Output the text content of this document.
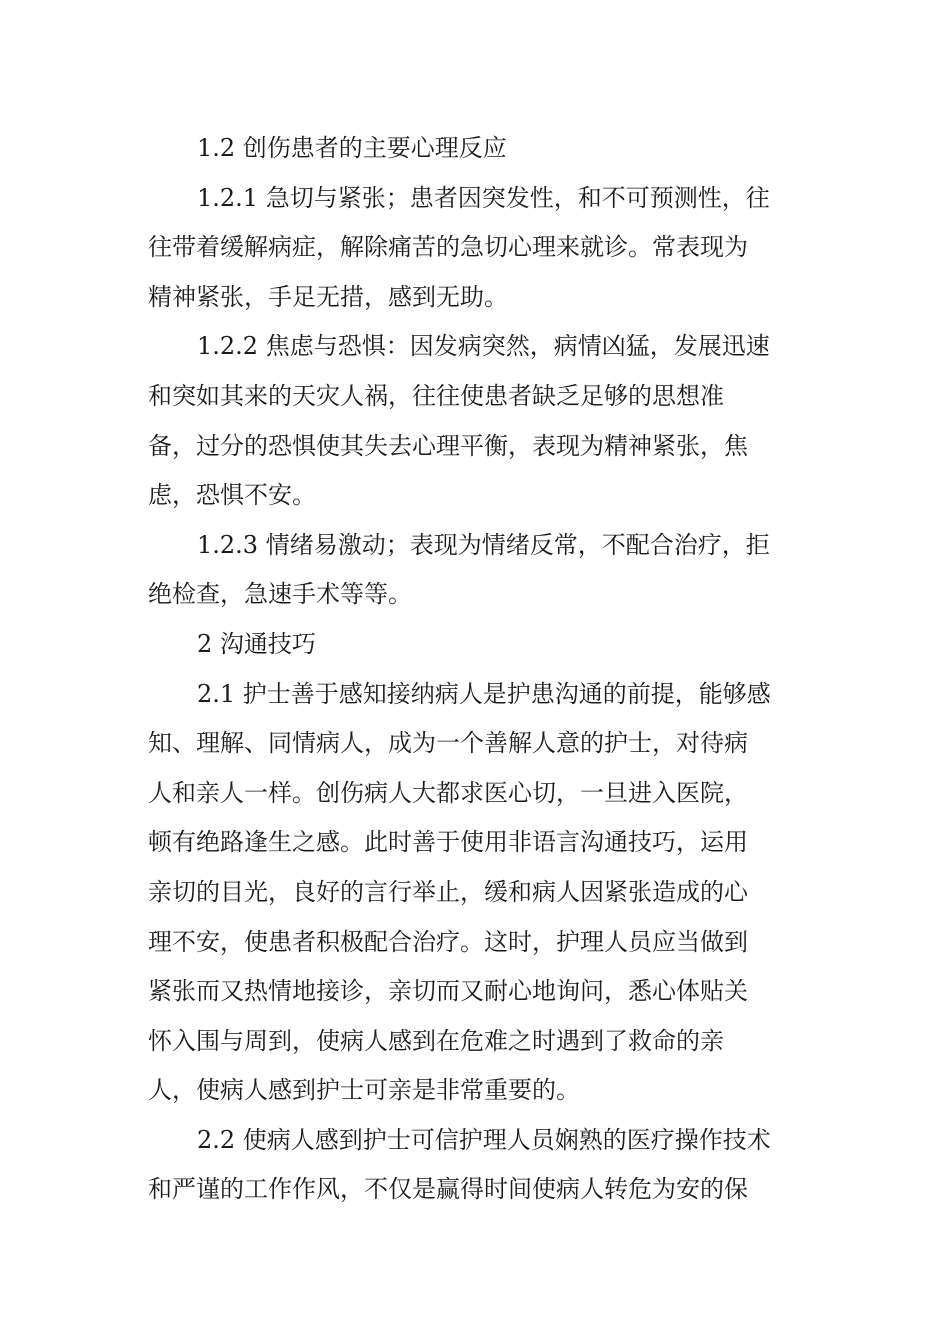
1.2 创伤患者的主要心理反应
1.2.1 急切与紧张；患者因突发性，和不可预测性，往
往带着缓解病症，解除痛苦的急切心理来就诊。常表现为
精神紧张，手足无措，感到无助。
1.2.2 焦虑与恐惧：因发病突然，病情凶猛，发展迅速
和突如其来的天灾人祸，往往使患者缺乏足够的思想准
备，过分的恐惧使其失去心理平衡，表现为精神紧张，焦
虑，恐惧不安。
1.2.3 情绪易激动；表现为情绪反常，不配合治疗，拒
绝检查，急速手术等等。
2 沟通技巧
2.1 护士善于感知接纳病人是护患沟通的前提，能够感
知、理解、同情病人，成为一个善解人意的护士，对待病
人和亲人一样。创伤病人大都求医心切，一旦进入医院，
顿有绝路逢生之感。此时善于使用非语言沟通技巧，运用
亲切的目光，良好的言行举止，缓和病人因紧张造成的心
理不安，使患者积极配合治疗。这时，护理人员应当做到
紧张而又热情地接诊，亲切而又耐心地询问，悉心体贴关
怀入围与周到，使病人感到在危难之时遇到了救命的亲
人，使病人感到护士可亲是非常重要的。
2.2 使病人感到护士可信护理人员娴熟的医疗操作技术
和严谨的工作作风，不仅是赢得时间使病人转危为安的保
